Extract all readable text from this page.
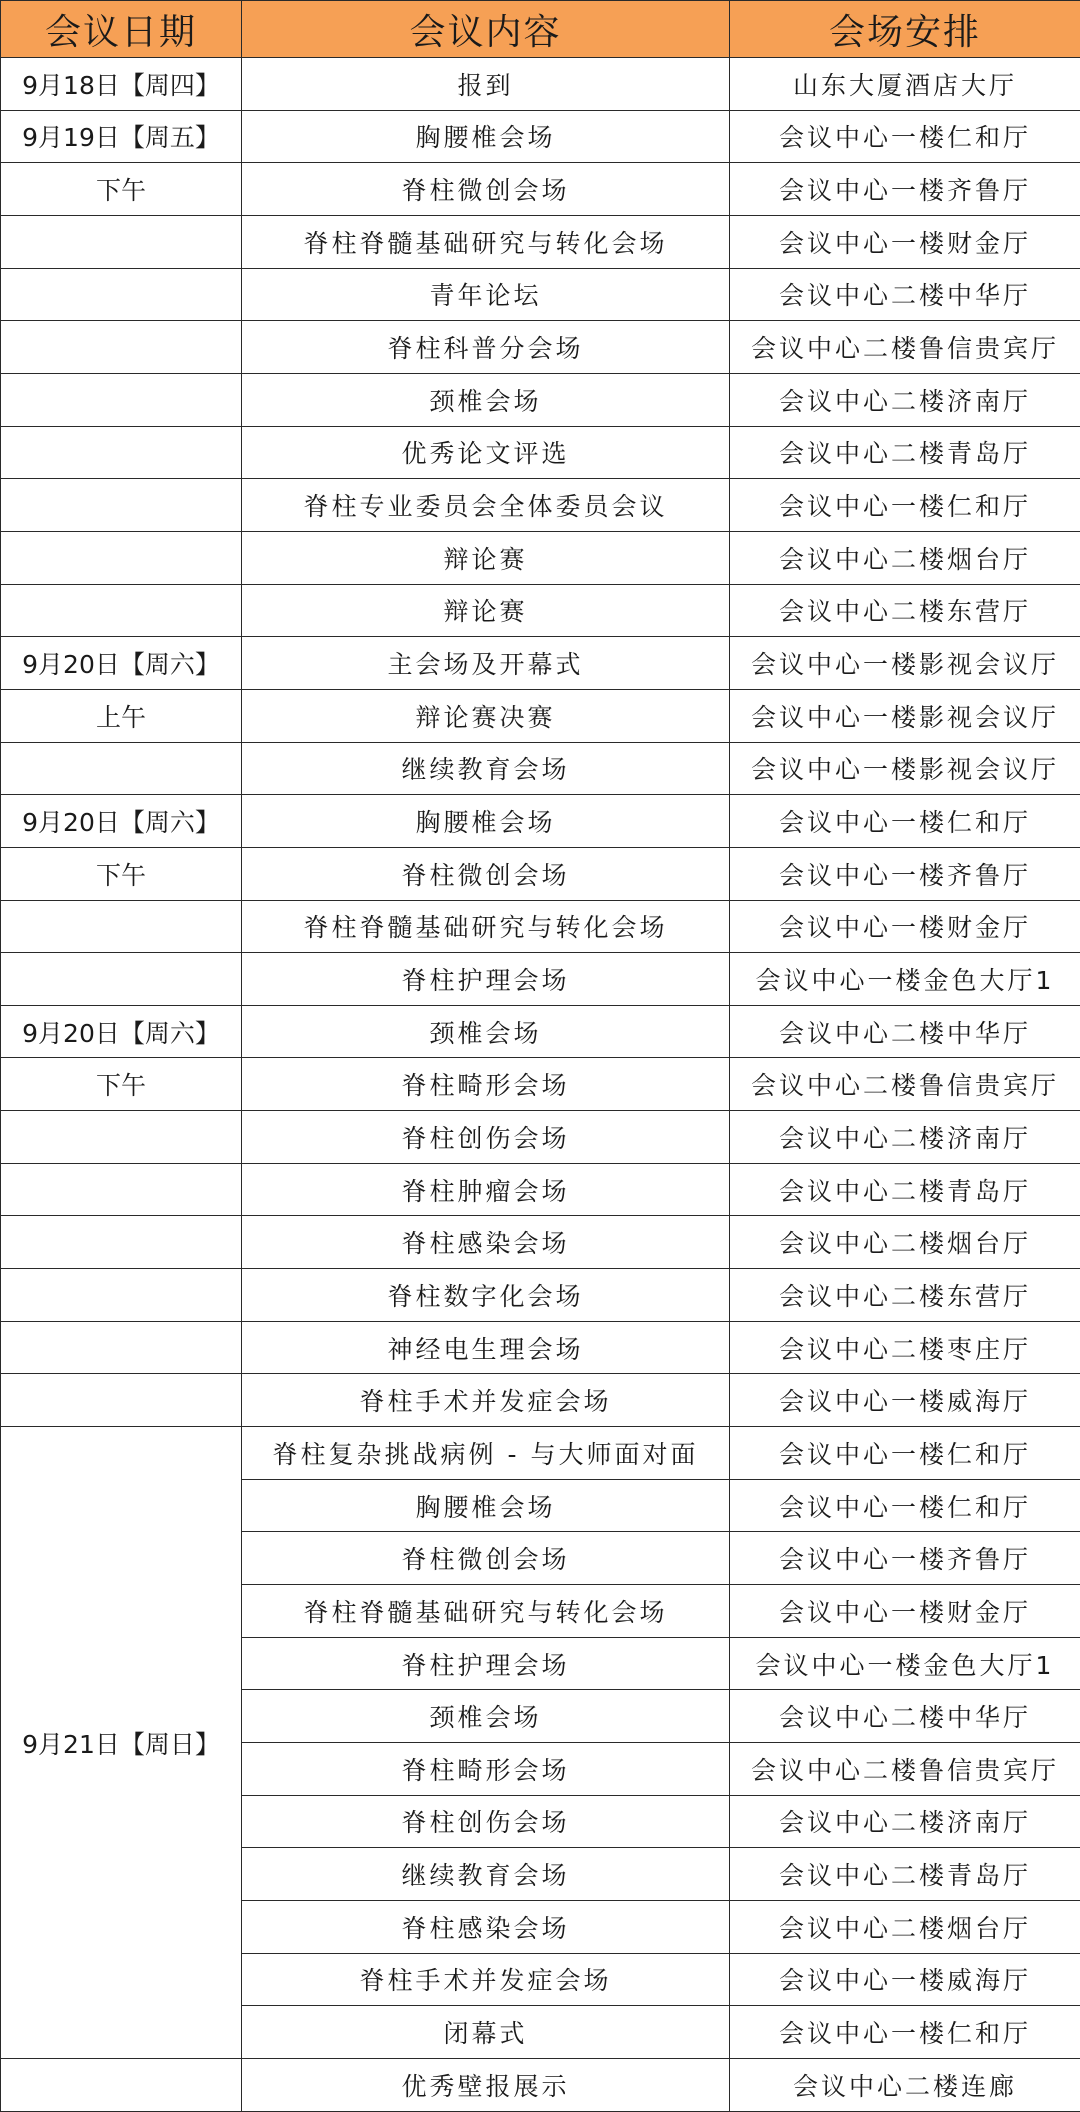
会议日期	会议内容	会场安排
9月18日【周四】	报到	山东大厦酒店大厅
9月19日【周五】	胸腰椎会场	会议中心一楼仁和厅
下午	脊柱微创会场	会议中心一楼齐鲁厅
	脊柱脊髓基础研究与转化会场	会议中心一楼财金厅
	青年论坛	会议中心二楼中华厅
	脊柱科普分会场	会议中心二楼鲁信贵宾厅
	颈椎会场	会议中心二楼济南厅
	优秀论文评选	会议中心二楼青岛厅
	脊柱专业委员会全体委员会议	会议中心一楼仁和厅
	辩论赛	会议中心二楼烟台厅
	辩论赛	会议中心二楼东营厅
9月20日【周六】	主会场及开幕式	会议中心一楼影视会议厅
上午	辩论赛决赛	会议中心一楼影视会议厅
	继续教育会场	会议中心一楼影视会议厅
9月20日【周六】	胸腰椎会场	会议中心一楼仁和厅
下午	脊柱微创会场	会议中心一楼齐鲁厅
	脊柱脊髓基础研究与转化会场	会议中心一楼财金厅
	脊柱护理会场	会议中心一楼金色大厅1
9月20日【周六】	颈椎会场	会议中心二楼中华厅
下午	脊柱畸形会场	会议中心二楼鲁信贵宾厅
	脊柱创伤会场	会议中心二楼济南厅
	脊柱肿瘤会场	会议中心二楼青岛厅
	脊柱感染会场	会议中心二楼烟台厅
	脊柱数字化会场	会议中心二楼东营厅
	神经电生理会场	会议中心二楼枣庄厅
	脊柱手术并发症会场	会议中心一楼威海厅
9月21日【周日】	脊柱复杂挑战病例 - 与大师面对面	会议中心一楼仁和厅
	胸腰椎会场	会议中心一楼仁和厅
	脊柱微创会场	会议中心一楼齐鲁厅
	脊柱脊髓基础研究与转化会场	会议中心一楼财金厅
	脊柱护理会场	会议中心一楼金色大厅1
	颈椎会场	会议中心二楼中华厅
	脊柱畸形会场	会议中心二楼鲁信贵宾厅
	脊柱创伤会场	会议中心二楼济南厅
	继续教育会场	会议中心二楼青岛厅
	脊柱感染会场	会议中心二楼烟台厅
	脊柱手术并发症会场	会议中心一楼威海厅
	闭幕式	会议中心一楼仁和厅
	优秀壁报展示	会议中心二楼连廊
